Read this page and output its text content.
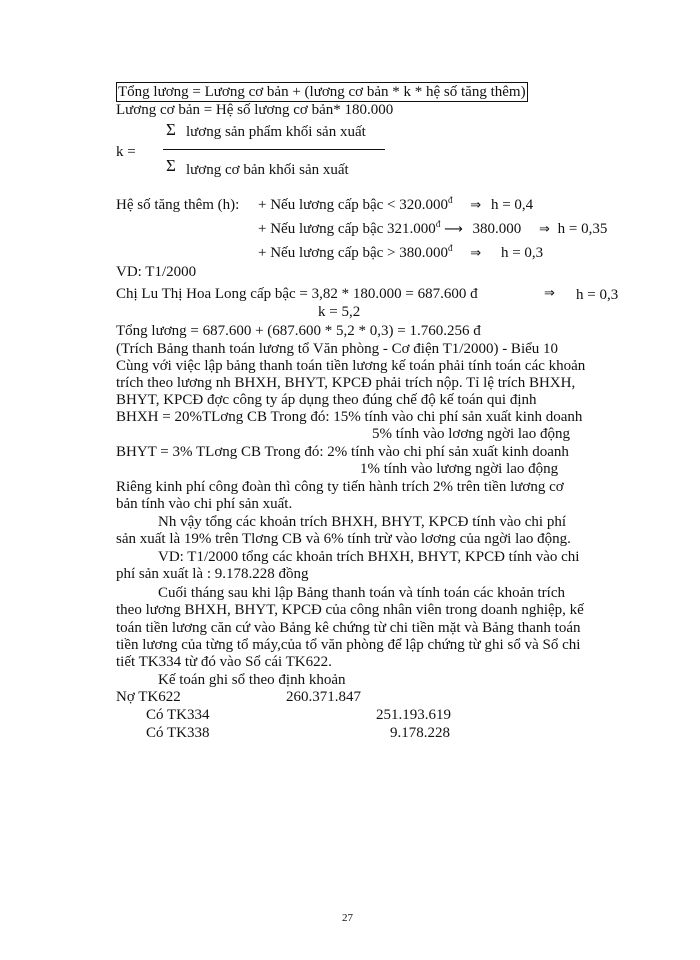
Tổng lương = Lương cơ bản + (lương cơ bản * k * hệ số tăng thêm)
Lương cơ bản = Hệ số lương cơ bản* 180.000
Σ lương sản phẩm khối sản xuất
k =
Σ lương cơ bản khối sản xuất
Hệ số tăng thêm (h): + Nếu lương cấp bậc < $320.000^đ$ ⇒ h = 0,4
+ Nếu lương cấp bậc $321.000^đ$ ⟶ 380.000 ⇒ h = 0,35
+ Nếu lương cấp bậc > $380.000^đ$ ⇒ h = 0,3
VD: T1/2000
Chị Lu Thị Hoa Long cấp bậc = 3,82 * 180.000 = 687.600 đ	⇒ h = 0,3
k = 5,2
Tổng lương = 687.600 + (687.600 * 5,2 * 0,3) = 1.760.256 đ
(Trích Bảng thanh toán lương tổ Văn phòng - Cơ điện T1/2000) - Biểu 10
Cùng với việc lập bảng thanh toán tiền lương kế toán phải tính toán các khoản
trích theo lương nh BHXH, BHYT, KPCĐ phải trích nộp. Tỉ lệ trích BHXH,
BHYT, KPCĐ đợc công ty áp dụng theo đúng chế độ kế toán qui định
BHXH = 20%TLơng CB Trong đó: 15% tính vào chi phí sản xuất kinh doanh
5% tính vào lơơng ngời lao động
BHYT = 3% TLơng CB Trong đó: 2% tính vào chi phí sản xuất kinh doanh
1% tính vào lương ngời lao động
Riêng kinh phí công đoàn thì công ty tiến hành trích 2% trên tiền lương cơ
bản tính vào chi phí sản xuất.
Nh vậy tổng các khoản trích BHXH, BHYT, KPCĐ tính vào chi phí
sản xuất là 19% trên Tlơng CB và 6% tính trừ vào lơơng của ngời lao động.
VD: T1/2000 tổng các khoản trích BHXH, BHYT, KPCĐ tính vào chi
phí sản xuất là : 9.178.228 đồng
Cuối tháng sau khi lập Bảng thanh toán và tính toán các khoản trích
theo lương BHXH, BHYT, KPCĐ của công nhân viên trong doanh nghiệp, kế
toán tiền lương căn cứ vào Bảng kê chứng từ chi tiền mặt và Bảng thanh toán
tiền lương của từng tổ máy,của tổ văn phòng để lập chứng từ ghi sổ và Sổ chi
tiết TK334 từ đó vào Sổ cái TK622.
Kế toán ghi sổ theo định khoản
Nợ TK622	260.371.847
Có TK334	251.193.619
Có TK338	9.178.228
27
